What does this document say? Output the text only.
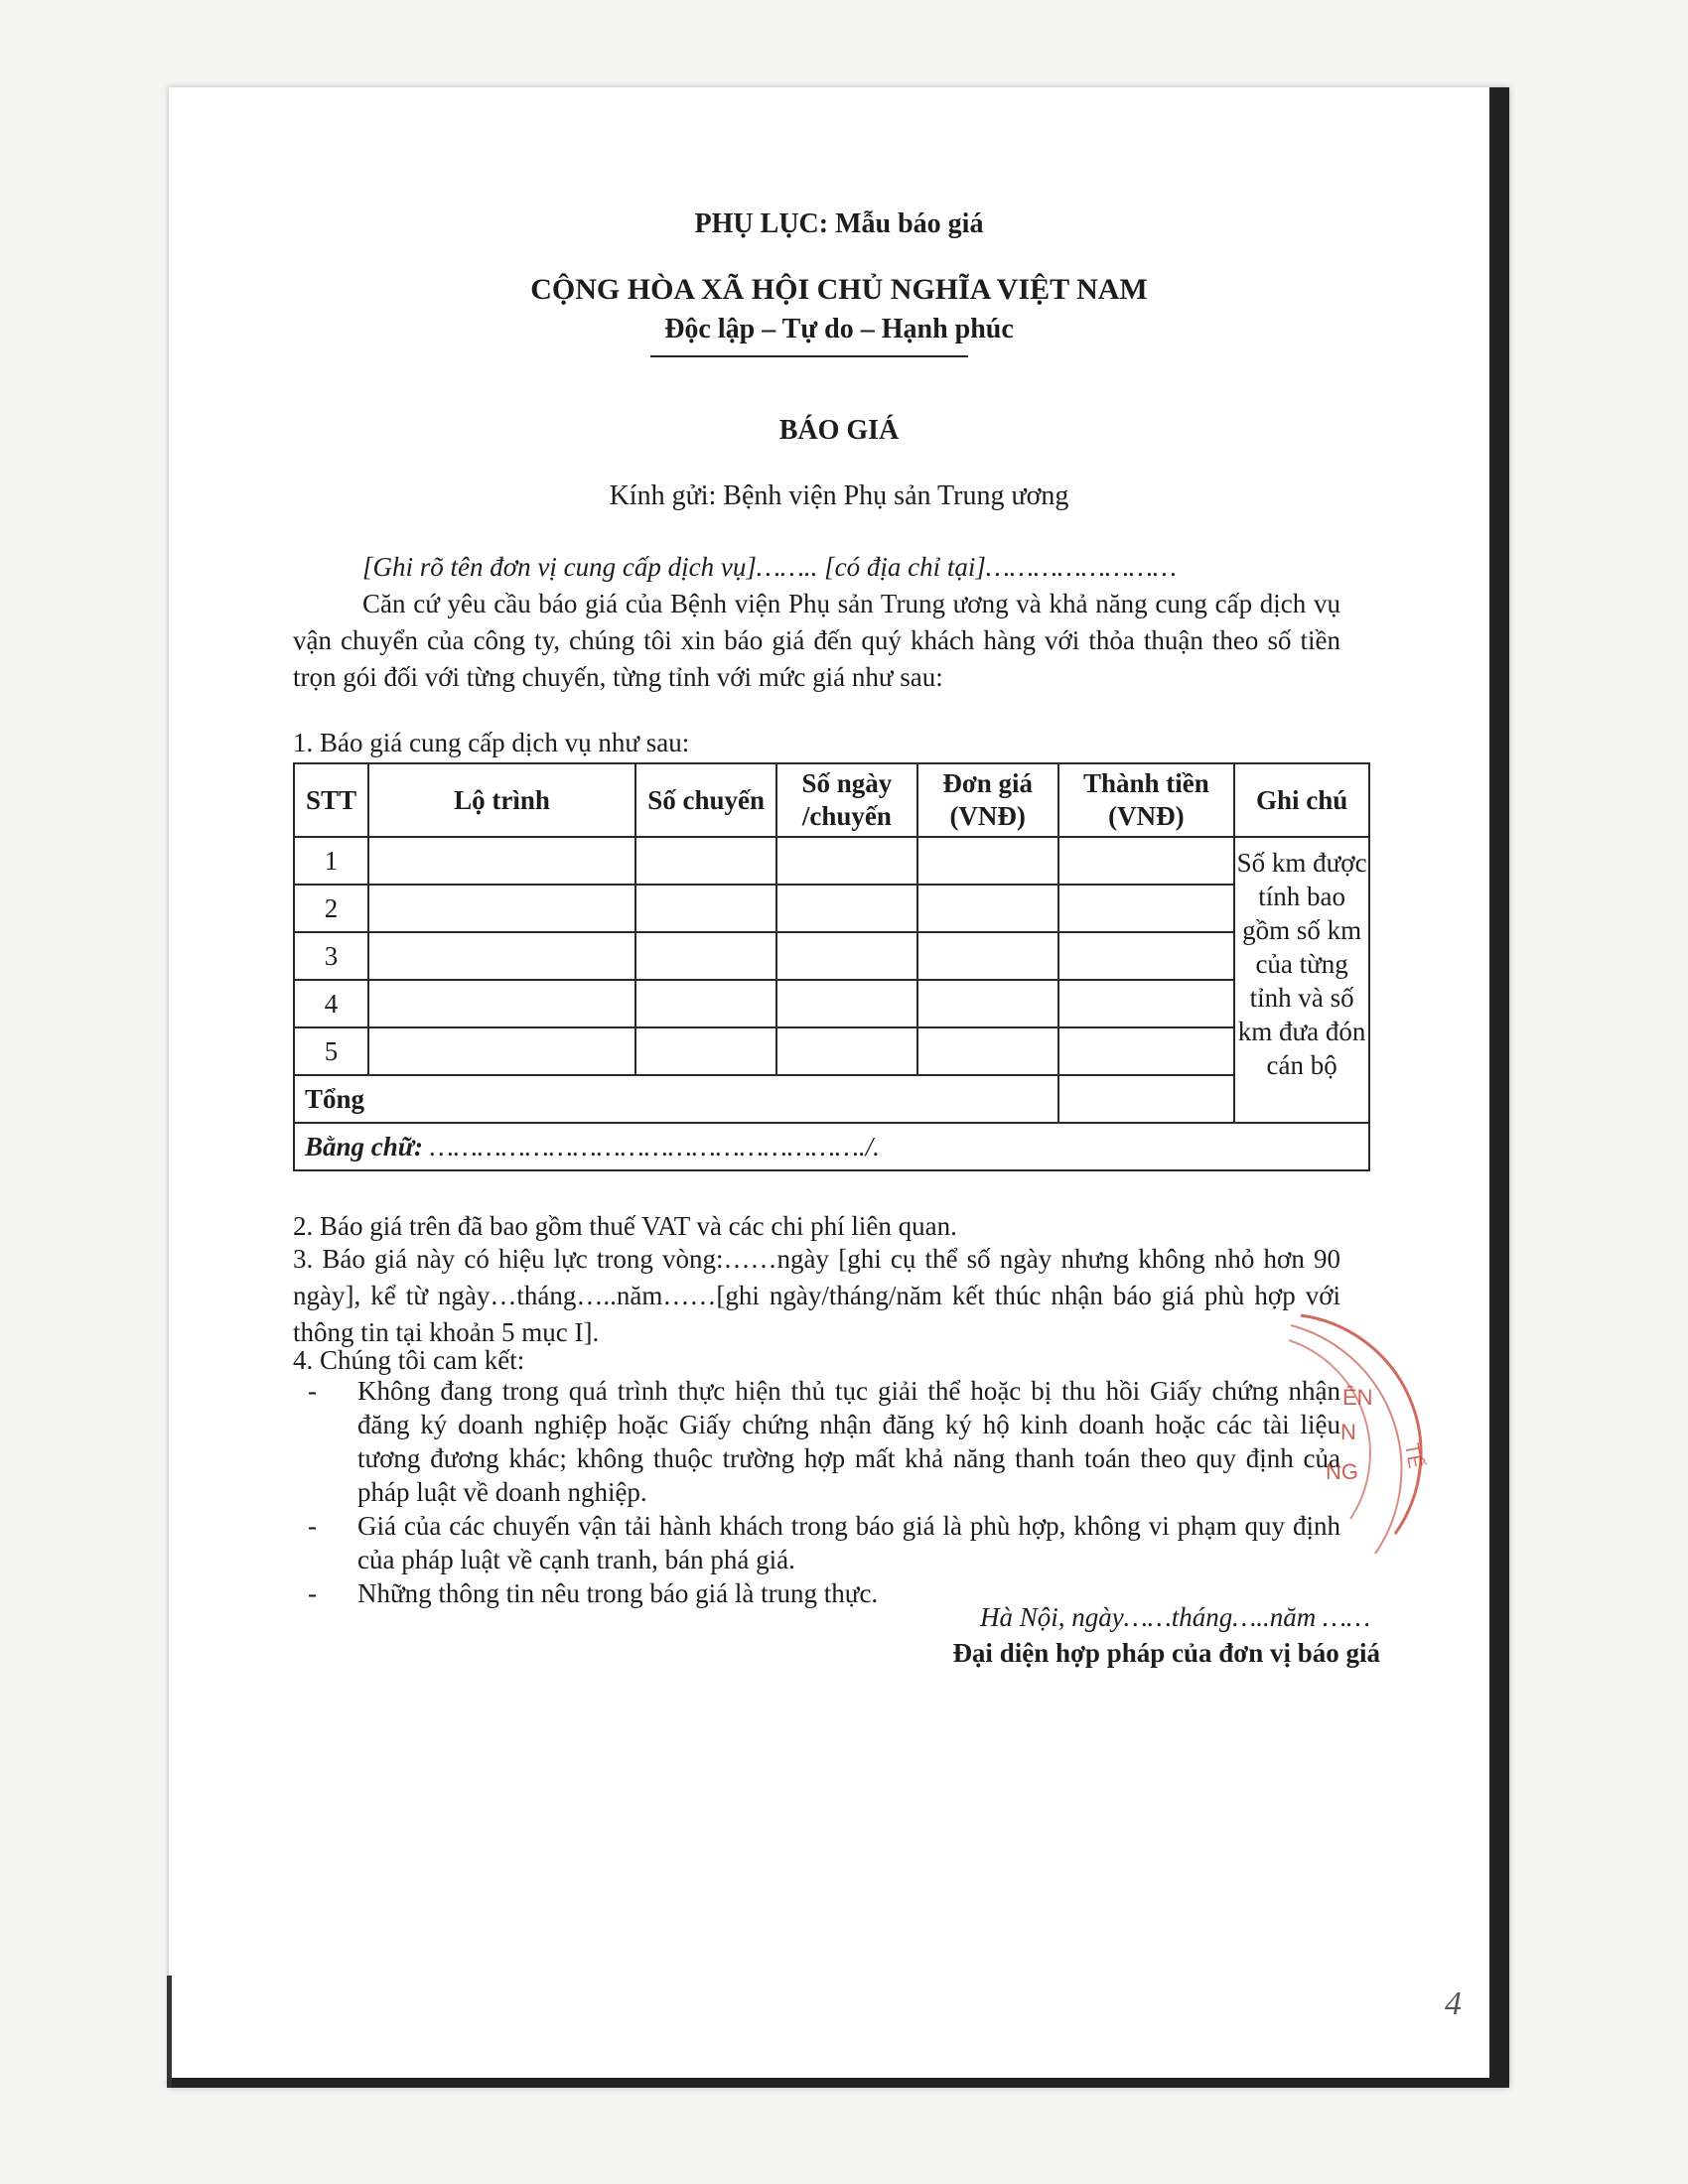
PHỤ LỤC: Mẫu báo giá

CỘNG HÒA XÃ HỘI CHỦ NGHĨA VIỆT NAM

Độc lập – Tự do – Hạnh phúc

BÁO GIÁ

Kính gửi: Bệnh viện Phụ sản Trung ương

[Ghi rõ tên đơn vị cung cấp dịch vụ]…….. [có địa chỉ tại]……………………

Căn cứ yêu cầu báo giá của Bệnh viện Phụ sản Trung ương và khả năng cung cấp dịch vụ vận chuyển của công ty, chúng tôi xin báo giá đến quý khách hàng với thỏa thuận theo số tiền trọn gói đối với từng chuyến, từng tỉnh với mức giá như sau:

1. Báo giá cung cấp dịch vụ như sau:

STT	Lộ trình	Số chuyến	Số ngày /chuyến	Đơn giá (VNĐ)	Thành tiền (VNĐ)	Ghi chú
1						Số km được tính bao gồm số km của từng tỉnh và số km đưa đón cán bộ
2						
3						
4						
5						
Tổng						
Bằng chữ: ………………………………………………./.						

2. Báo giá trên đã bao gồm thuế VAT và các chi phí liên quan.

3. Báo giá này có hiệu lực trong vòng:……ngày [ghi cụ thể số ngày nhưng không nhỏ hơn 90 ngày], kể từ ngày…tháng…..năm……[ghi ngày/tháng/năm kết thúc nhận báo giá phù hợp với thông tin tại khoản 5 mục I].

4. Chúng tôi cam kết:

- Không đang trong quá trình thực hiện thủ tục giải thể hoặc bị thu hồi Giấy chứng nhận đăng ký doanh nghiệp hoặc Giấy chứng nhận đăng ký hộ kinh doanh hoặc các tài liệu tương đương khác; không thuộc trường hợp mất khả năng thanh toán theo quy định của pháp luật về doanh nghiệp.
- Giá của các chuyến vận tải hành khách trong báo giá là phù hợp, không vi phạm quy định của pháp luật về cạnh tranh, bán phá giá.
- Những thông tin nêu trong báo giá là trung thực.
ÊN
N
TẾ
NG

Hà Nội, ngày……tháng…..năm ……

Đại diện hợp pháp của đơn vị báo giá

4
